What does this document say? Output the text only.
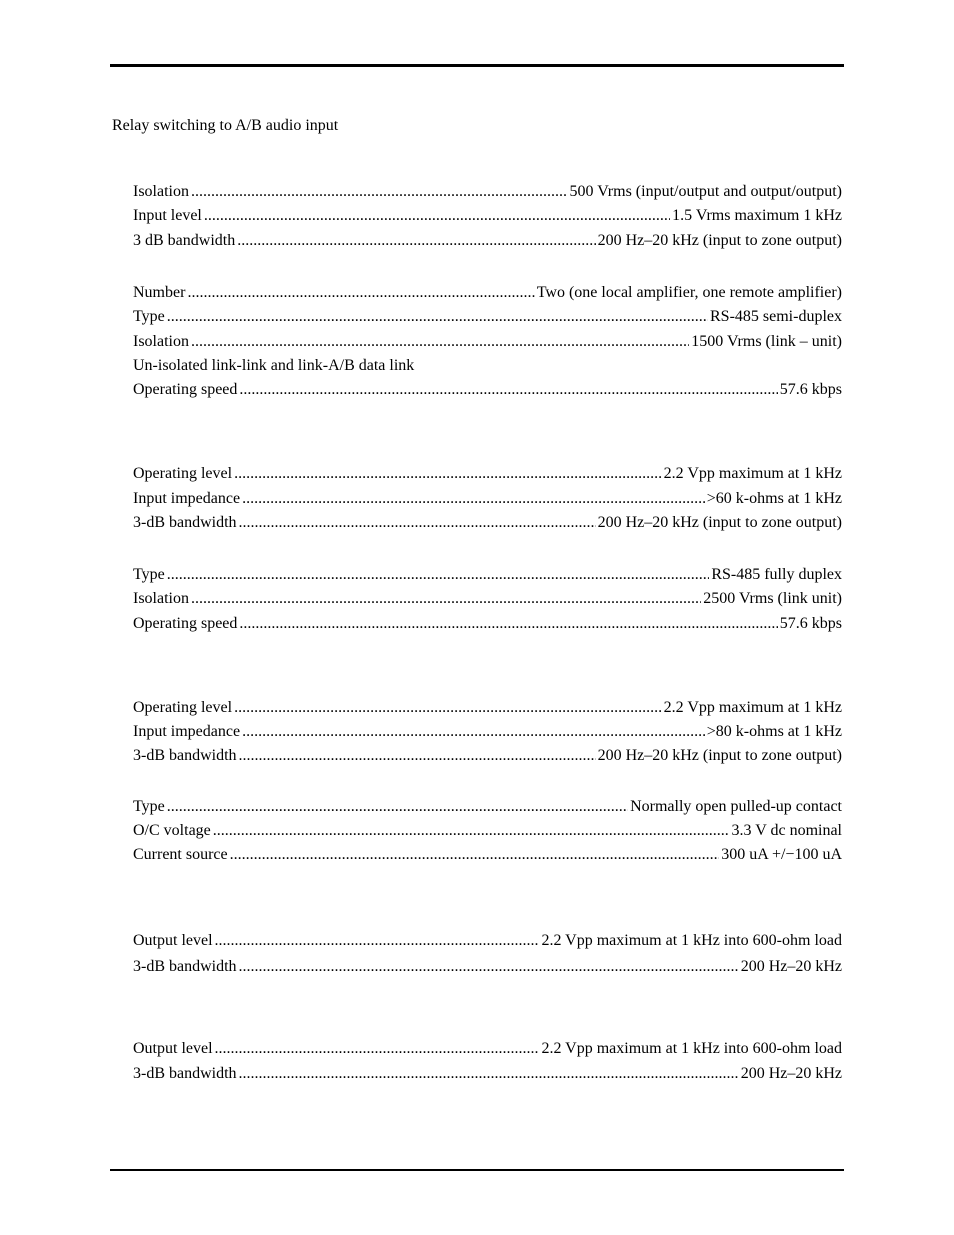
Relay switching to A/B audio input
Isolation .....	500 Vrms (input/output and output/output)
Input level .....	1.5 Vrms maximum 1 kHz
3 dB bandwidth .....	200 Hz–20 kHz (input to zone output)
Number .....	Two (one local amplifier, one remote amplifier)
Type .....	RS-485 semi-duplex
Isolation .....	1500 Vrms (link – unit)
Un-isolated link-link and link-A/B data link
Operating speed .....	57.6 kbps
Operating level .....	2.2 Vpp maximum at 1 kHz
Input impedance .....	>60 k-ohms at 1 kHz
3-dB bandwidth .....	200 Hz–20 kHz (input to zone output)
Type .....	RS-485 fully duplex
Isolation .....	2500 Vrms (link unit)
Operating speed .....	57.6 kbps
Operating level .....	2.2 Vpp maximum at 1 kHz
Input impedance .....	>80 k-ohms at 1 kHz
3-dB bandwidth .....	200 Hz–20 kHz (input to zone output)
Type .....	Normally open pulled-up contact
O/C voltage .....	3.3 V dc nominal
Current source .....	300 uA +/−100 uA
Output level .....	2.2 Vpp maximum at 1 kHz into 600-ohm load
3-dB bandwidth .....	200 Hz–20 kHz
Output level .....	2.2 Vpp maximum at 1 kHz into 600-ohm load
3-dB bandwidth .....	200 Hz–20 kHz
